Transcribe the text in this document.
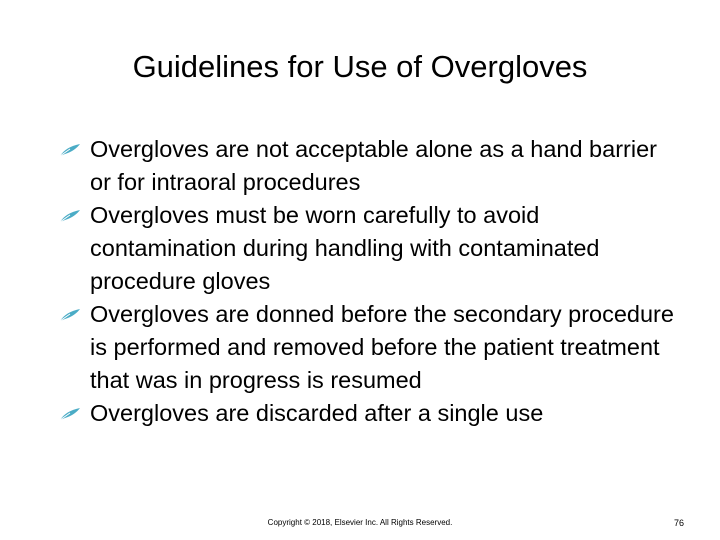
Guidelines for Use of Overgloves
Overgloves are not acceptable alone as a hand barrier or for intraoral procedures
Overgloves must be worn carefully to avoid contamination during handling with contaminated procedure gloves
Overgloves are donned before the secondary procedure is performed and removed before the patient treatment that was in progress is resumed
Overgloves are discarded after a single use
Copyright © 2018, Elsevier Inc. All Rights Reserved.	76
